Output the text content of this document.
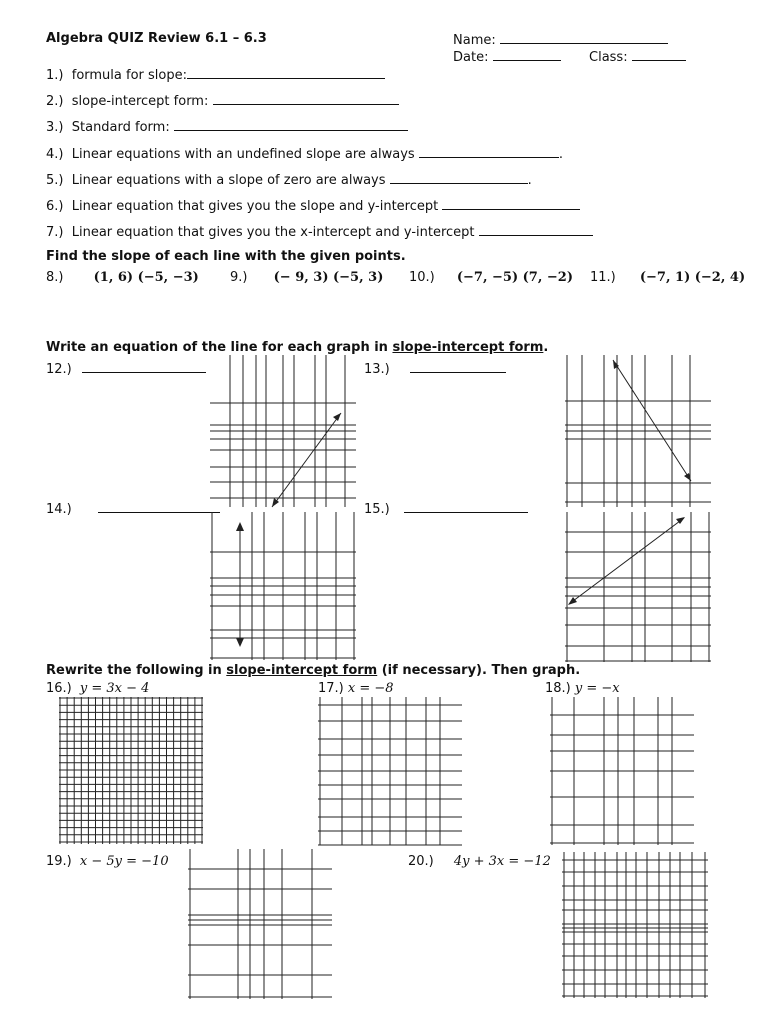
Algebra QUIZ Review 6.1 – 6.3	Name:
Date:	Class:
1.) formula for slope:
2.) slope-intercept form:
3.) Standard form:
4.) Linear equations with an undefined slope are always	.
5.) Linear equations with a slope of zero are always	.
6.) Linear equation that gives you the slope and y-intercept
7.) Linear equation that gives you the x-intercept and y-intercept
Find the slope of each line with the given points.
8.) (1, 6) (−5, −3) 9.) (− 9, 3) (−5, 3) 10.) (−7, −5) (7, −2) 11.) (−7, 1) (−2, 4)
Write an equation of the line for each graph in slope-intercept form.
12.)	13.)
14.)	15.)
Rewrite the following in slope-intercept form (if necessary). Then graph.
16.) y = 3x − 4	17.) x = −8	18.) y = −x
19.) x − 5y = −10	20.) 4y + 3x = −12
